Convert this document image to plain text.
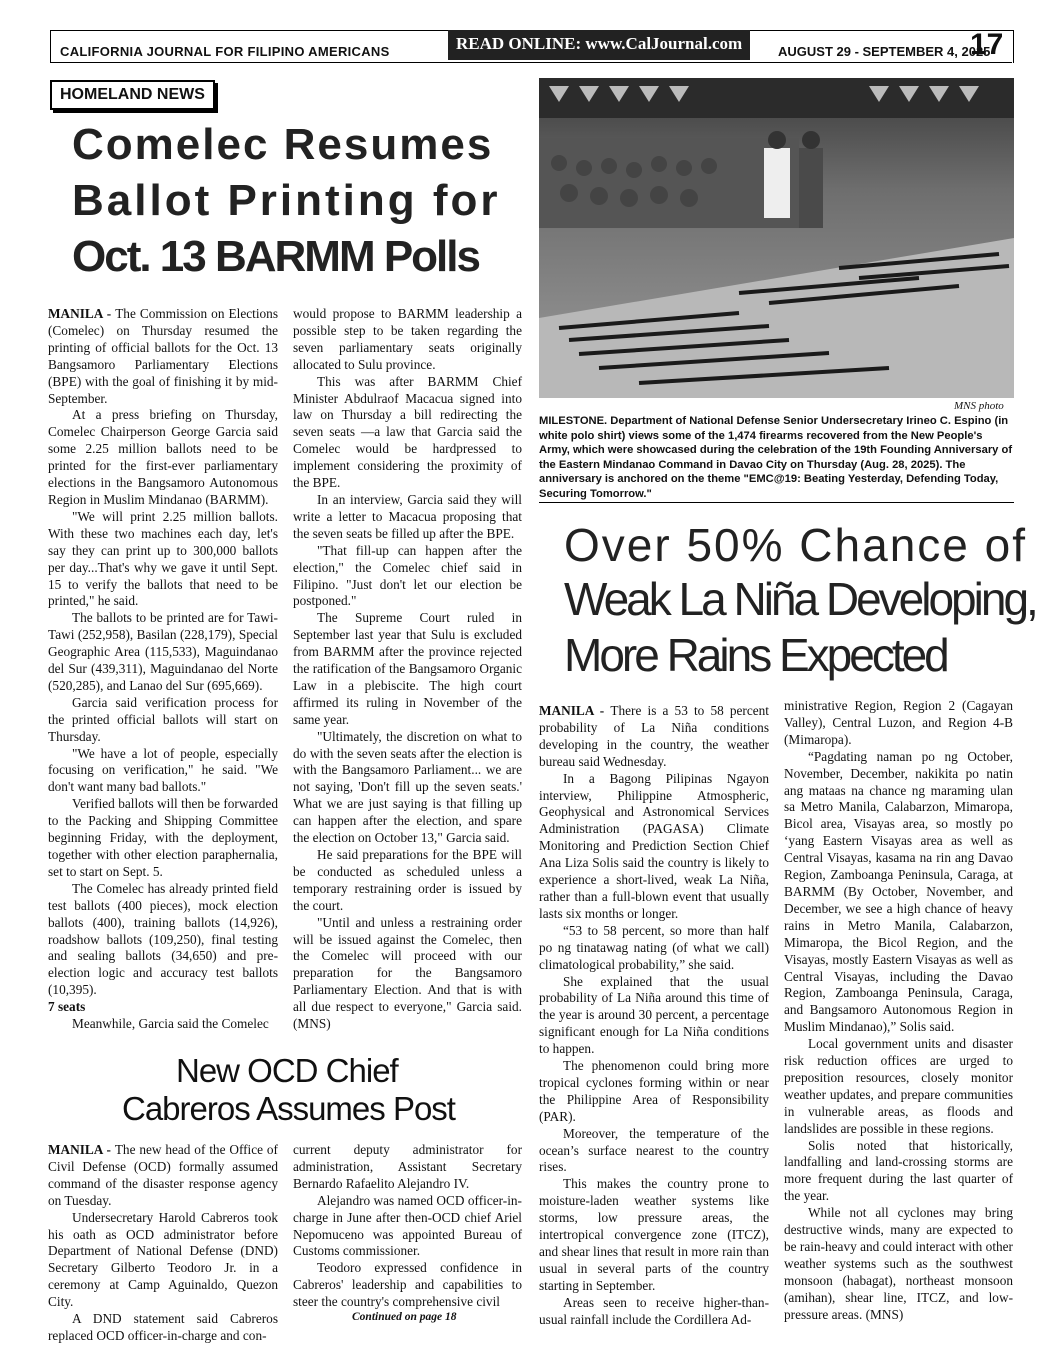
CALIFORNIA JOURNAL FOR FILIPINO AMERICANS	READ ONLINE: www.CalJournal.com	AUGUST 29 - SEPTEMBER 4, 2025
17
HOMELAND NEWS
Comelec Resumes
Ballot Printing for
Oct. 13 BARMM Polls

MANILA - The Commission on Elections (Comelec) on Thursday resumed the printing of official ballots for the Oct. 13 Bangsamoro Parliamentary Elections (BPE) with the goal of finishing it by mid-September.

At a press briefing on Thursday, Comelec Chairperson George Garcia said some 2.25 million ballots need to be printed for the first-ever parliamentary elections in the Bangsamoro Autonomous Region in Muslim Mindanao (BARMM).

"We will print 2.25 million ballots. With these two machines each day, let's say they can print up to 300,000 ballots per day...That's why we gave it until Sept. 15 to verify the ballots that need to be printed," he said.

The ballots to be printed are for Tawi-Tawi (252,958), Basilan (228,179), Special Geographic Area (115,533), Maguindanao del Sur (439,311), Maguindanao del Norte (520,285), and Lanao del Sur (695,669).

Garcia said verification process for the printed official ballots will start on Thursday.

"We have a lot of people, especially focusing on verification," he said. "We don't want many bad ballots."

Verified ballots will then be forwarded to the Packing and Shipping Committee beginning Friday, with the deployment, together with other election paraphernalia, set to start on Sept. 5.

The Comelec has already printed field test ballots (400 pieces), mock election ballots (400), training ballots (14,926), roadshow ballots (109,250), final testing and sealing ballots (34,650) and pre-election logic and accuracy test ballots (10,395).

7 seats

Meanwhile, Garcia said the Comelec

would propose to BARMM leadership a possible step to be taken regarding the seven parliamentary seats originally allocated to Sulu province.

This was after BARMM Chief Minister Abdulraof Macacua signed into law on Thursday a bill redirecting the seven seats —a law that Garcia said the Comelec would be hardpressed to implement considering the proximity of the BPE.

In an interview, Garcia said they will write a letter to Macacua proposing that the seven seats be filled up after the BPE.

"That fill-up can happen after the election," the Comelec chief said in Filipino. "Just don't let our election be postponed."

The Supreme Court ruled in September last year that Sulu is excluded from BARMM after the province rejected the ratification of the Bangsamoro Organic Law in a plebiscite. The high court affirmed its ruling in November of the same year.

"Ultimately, the discretion on what to do with the seven seats after the election is with the Bangsamoro Parliament... we are not saying, 'Don't fill up the seven seats.' What we are just saying is that filling up can happen after the election, and spare the election on October 13," Garcia said.

He said preparations for the BPE will be conducted as scheduled unless a temporary restraining order is issued by the court.

"Until and unless a restraining order will be issued against the Comelec, then the Comelec will proceed with our preparation for the Bangsamoro Parliamentary Election. And that is with all due respect to everyone," Garcia said. (MNS)

MNS photo
MILESTONE. Department of National Defense Senior Undersecretary Irineo C. Espino (in white polo shirt) views some of the 1,474 firearms recovered from the New People's Army, which were showcased during the celebration of the 19th Founding Anniversary of the Eastern Mindanao Command in Davao City on Thursday (Aug. 28, 2025). The anniversary is anchored on the theme "EMC@19: Beating Yesterday, Defending Today, Securing Tomorrow."
Over 50% Chance of
Weak La Niña Developing,
More Rains Expected

MANILA - There is a 53 to 58 percent probability of La Niña conditions developing in the country, the weather bureau said Wednesday.

In a Bagong Pilipinas Ngayon interview, Philippine Atmospheric, Geophysical and Astronomical Services Administration (PAGASA) Climate Monitoring and Prediction Section Chief Ana Liza Solis said the country is likely to experience a short-lived, weak La Niña, rather than a full-blown event that usually lasts six months or longer.

“53 to 58 percent, so more than half po ng tinatawag nating (of what we call) climatological probability,” she said.

She explained that the usual probability of La Niña around this time of the year is around 30 percent, a percentage significant enough for La Niña conditions to happen.

The phenomenon could bring more tropical cyclones forming within or near the Philippine Area of Responsibility (PAR).

Moreover, the temperature of the ocean’s surface nearest to the country rises.

This makes the country prone to moisture-laden weather systems like storms, low pressure areas, the intertropical convergence zone (ITCZ), and shear lines that result in more rain than usual in several parts of the country starting in September.

Areas seen to receive higher-than-usual rainfall include the Cordillera Ad-

ministrative Region, Region 2 (Cagayan Valley), Central Luzon, and Region 4-B (Mimaropa).

“Pagdating naman po ng October, November, December, nakikita po natin ang mataas na chance ng maraming ulan sa Metro Manila, Calabarzon, Mimaropa, Bicol area, Visayas area, so mostly po ‘yang Eastern Visayas area as well as Central Visayas, kasama na rin ang Davao Region, Zamboanga Peninsula, Caraga, at BARMM (By October, November, and December, we see a high chance of heavy rains in Metro Manila, Calabarzon, Mimaropa, the Bicol Region, and the Visayas, mostly Eastern Visayas as well as Central Visayas, including the Davao Region, Zamboanga Peninsula, Caraga, and Bangsamoro Autonomous Region in Muslim Mindanao),” Solis said.

Local government units and disaster risk reduction offices are urged to preposition resources, closely monitor weather updates, and prepare communities in vulnerable areas, as floods and landslides are possible in these regions.

Solis noted that historically, landfalling and land-crossing storms are more frequent during the last quarter of the year.

While not all cyclones may bring destructive winds, many are expected to be rain-heavy and could interact with other weather systems such as the southwest monsoon (habagat), northeast monsoon (amihan), shear line, ITCZ, and low-pressure areas. (MNS)

New OCD Chief
Cabreros Assumes Post

MANILA - The new head of the Office of Civil Defense (OCD) formally assumed command of the disaster response agency on Tuesday.

Undersecretary Harold Cabreros took his oath as OCD administrator before Department of National Defense (DND) Secretary Gilberto Teodoro Jr. in a ceremony at Camp Aguinaldo, Quezon City.

A DND statement said Cabreros replaced OCD officer-in-charge and con-

current deputy administrator for administration, Assistant Secretary Bernardo Rafaelito Alejandro IV.

Alejandro was named OCD officer-in-charge in June after then-OCD chief Ariel Nepomuceno was appointed Bureau of Customs commissioner.

Teodoro expressed confidence in Cabreros' leadership and capabilities to steer the country's comprehensive civil

Continued on page 18
